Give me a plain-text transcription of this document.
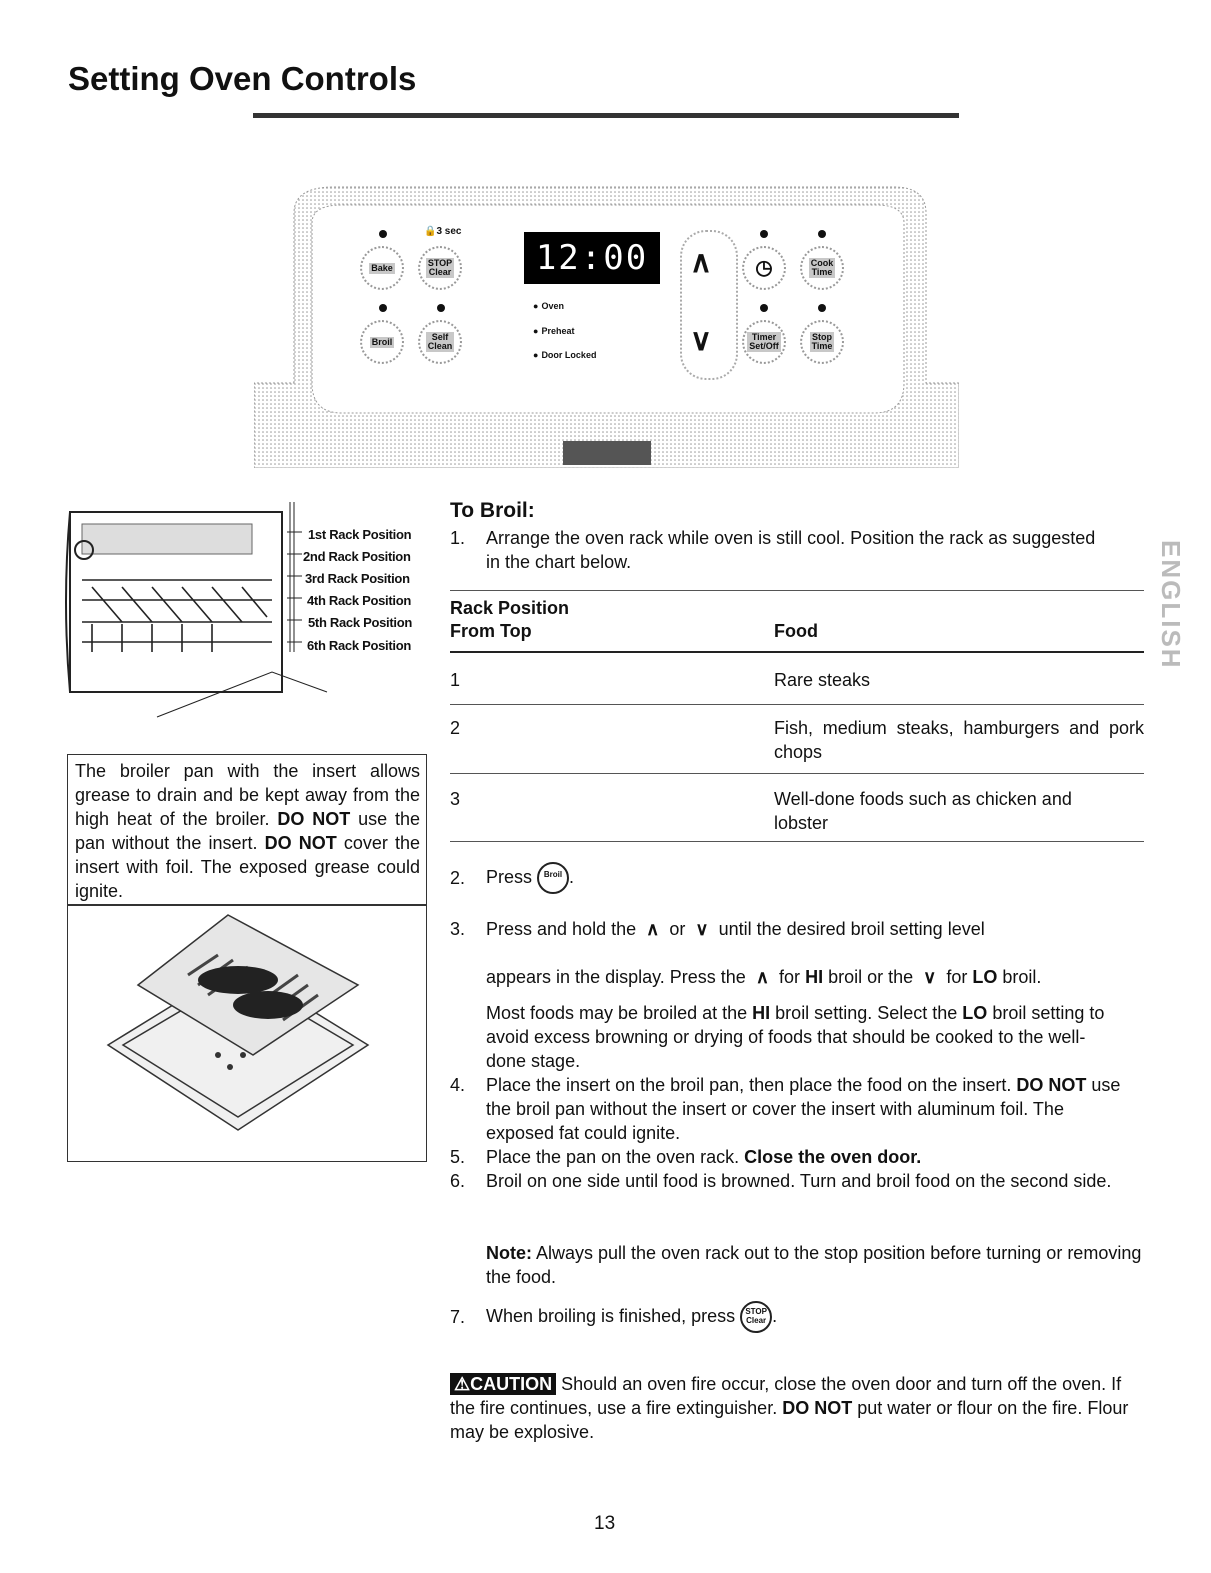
Setting Oven Controls
🔒3 sec
Bake	STOP
Clear
Broil	Self
Clean
12:00
● Oven
● Preheat
● Door Locked
∧
∨
◷	Cook
Time
Timer
Set/Off
Stop
Time
1st Rack Position
2nd Rack Position
3rd Rack Position
4th Rack Position
5th Rack Position
6th Rack Position
The broiler pan with the insert allows grease to drain and be kept away from the high heat of the broiler. DO NOT use the pan without the insert. DO NOT cover the insert with foil. The exposed grease could ignite.
To Broil:
1. Arrange the oven rack while oven is still cool. Position the rack as suggested in the chart below.
Rack Position
From Top	Food
1	Rare steaks
2	Fish, medium steaks, hamburgers and pork chops
3	Well-done foods such as chicken and lobster
2. Press Broil .
3. Press and hold the ∧ or ∨ until the desired broil setting level
appears in the display. Press the ∧ for HI broil or the ∨ for LO broil.
Most foods may be broiled at the HI broil setting. Select the LO broil setting to avoid excess browning or drying of foods that should be cooked to the well-done stage.
4. Place the insert on the broil pan, then place the food on the insert. DO NOT use the broil pan without the insert or cover the insert with aluminum foil. The exposed fat could ignite.
5. Place the pan on the oven rack. Close the oven door.
6. Broil on one side until food is browned. Turn and broil food on the second side.
Note: Always pull the oven rack out to the stop position before turning or removing the food.
7. When broiling is finished, press STOP
Clear .
⚠CAUTION Should an oven fire occur, close the oven door and turn off the oven. If the fire continues, use a fire extinguisher. DO NOT put water or flour on the fire. Flour may be explosive.
ENGLISH
13
